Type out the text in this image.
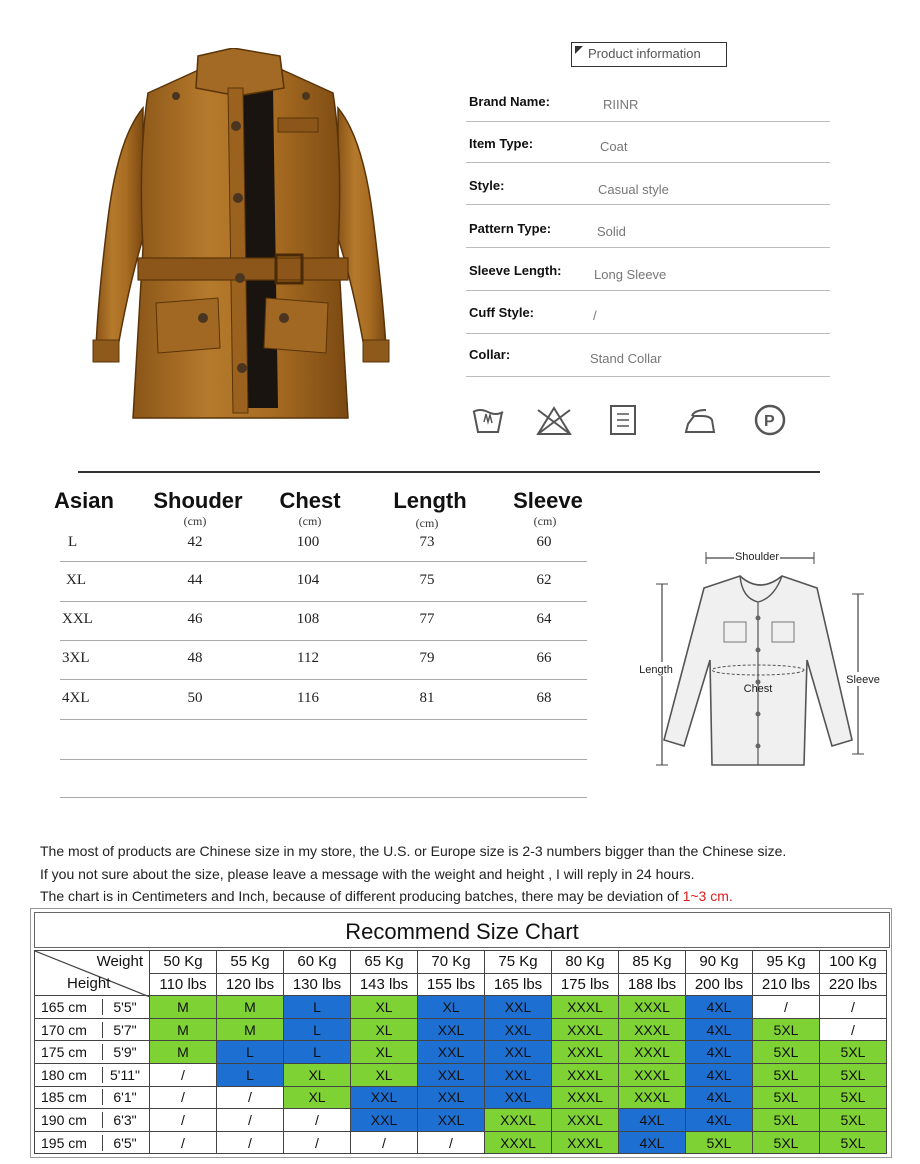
Product information
Brand Name:	RIINR
Item Type:	Coat
Style:	Casual style
Pattern Type:	Solid
Sleeve Length:	Long Sleeve
Cuff Style:	/
Collar:	Stand Collar
P
Asian	Shouder	Chest	Length	Sleeve
(cm)	(cm)	(cm)	(cm)
L	42	100	73	60
XL	44	104	75	62
XXL	46	108	77	64
3XL	48	112	79	66
4XL	50	116	81	68
Shoulder
Length
Chest
Sleeve
The most of products are Chinese size in my store, the U.S. or Europe size is 2-3 numbers bigger than the Chinese size.
If you not sure about the size, please leave a message with the weight and height , I will reply in 24 hours.
The chart is in Centimeters and Inch, because of different producing batches, there may be deviation of 1~3 cm.
Recommend Size Chart
Weight
Height	50 Kg	55 Kg	60 Kg	65 Kg	70 Kg	75 Kg	80 Kg	85 Kg	90 Kg	95 Kg	100 Kg
	110 lbs	120 lbs	130 lbs	143 lbs	155 lbs	165 lbs	175 lbs	188 lbs	200 lbs	210 lbs	220 lbs
165 cm 5'5"	M	M	L	XL	XL	XXL	XXXL	XXXL	4XL	/	/
170 cm 5'7"	M	M	L	XL	XXL	XXL	XXXL	XXXL	4XL	5XL	/
175 cm 5'9"	M	L	L	XL	XXL	XXL	XXXL	XXXL	4XL	5XL	5XL
180 cm 5'11"	/	L	XL	XL	XXL	XXL	XXXL	XXXL	4XL	5XL	5XL
185 cm 6'1"	/	/	XL	XXL	XXL	XXL	XXXL	XXXL	4XL	5XL	5XL
190 cm 6'3"	/	/	/	XXL	XXL	XXXL	XXXL	4XL	4XL	5XL	5XL
195 cm 6'5"	/	/	/	/	/	XXXL	XXXL	4XL	5XL	5XL	5XL
